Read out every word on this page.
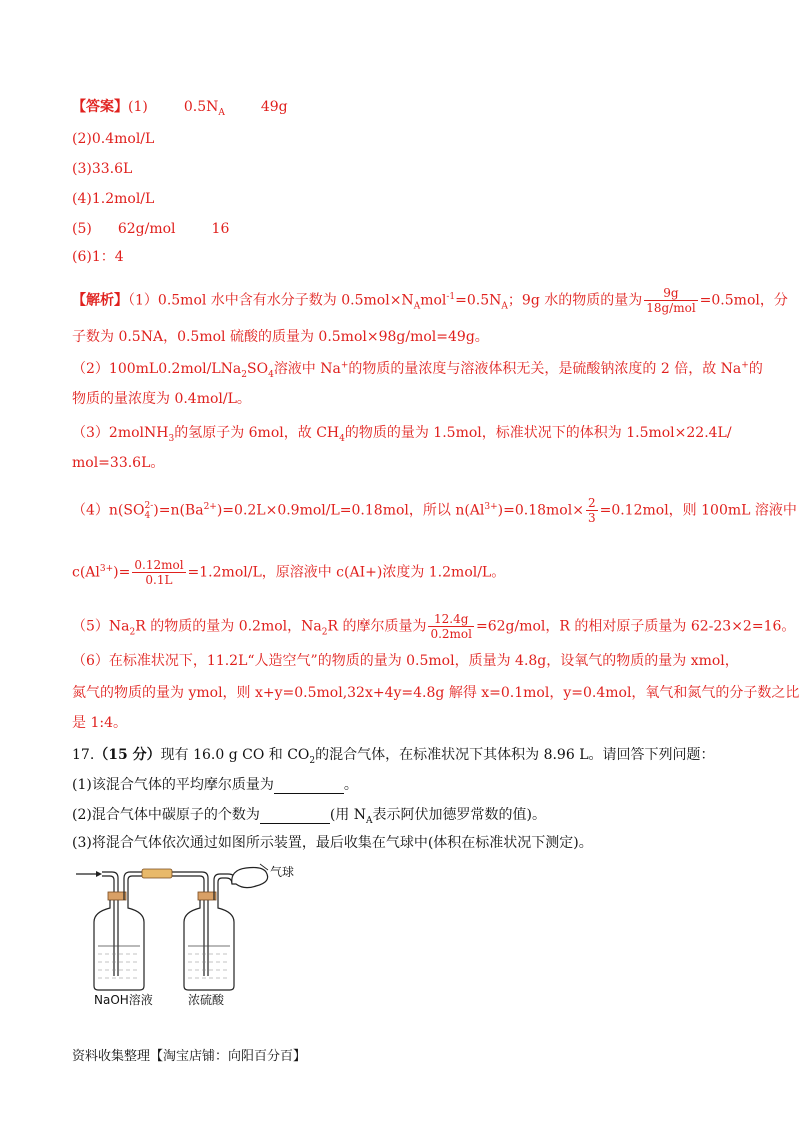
【答案】(1)	$0.5N_A$	49g
(2)0.4mol/L
(3)33.6L
(4)1.2mol/L
(5) 62g/mol	16
(6)1：4
【解析】（1）0.5mol 水中含有水分子数为 $0.5mol\times N_Amol^{-1}=0.5N_A$；9g 水的物质的量为 $\frac{9g}{\text{18g/mol}} =0.5mol$，分
子数为 0.5NA，0.5mol 硫酸的质量为 0.5mol×98g/mol=49g。
$(2)100mL0.2mol/LNa_2SO_4$溶液中 Na+的物质的量浓度与溶液体积无关，是硫酸钠浓度的 2 倍，故 Na+的
物质的量浓度为 0.4mol/L。
（3）2molNH$_3$的氢原子为 6mol，故 $CH_4$的物质的量为 1.5mol，标准状况下的体积为 1.5mol×22.4L/
mol=33.6L。
（4）n(SO 2-
4 )$=n(Ba^{2+})=0.2L\times 0.9mol/L=0.18mol$，所以 $n(Al^{3+})=0.18mol\times \frac{2}{3} =0.12mol$，则 100mL 溶液中
$c(Al^{3+})= \frac{\text{0.12mol}}{0.1L} =1.2mol/L$，原溶液中 c(AI+)浓度为 1.2mol/L。
$(5)Na_2R$ 的物质的量为 0.2mol，$Na_2R$ 的摩尔质量为 $\frac{12.4g}{\text{0.2mol}} =62g/mol$，R 的相对原子质量为 62-23×2=16。
（6）在标准状况下，11.2L“人造空气”的物质的量为 0.5mol，质量为 4.8g，设氧气的物质的量为 xmol，
氮气的物质的量为 ymol，则 x+y=0.5mol,32x+4y=4.8g 解得 x=0.1mol，y=0.4mol，氧气和氮气的分子数之比
是 1:4。
17.（15 分）现有 16.0 g CO 和 $CO_2$的混合气体，在标准状况下其体积为 8.96 L。请回答下列问题：
(1)该混合气体的平均摩尔质量为	。
(2)混合气体中碳原子的个数为	(用 $N_A$表示阿伏加德罗常数的值)。
(3)将混合气体依次通过如图所示装置，最后收集在气球中(体积在标准状况下测定)。
气球
NaOH溶液	浓硫酸
资料收集整理【淘宝店铺：向阳百分百】
